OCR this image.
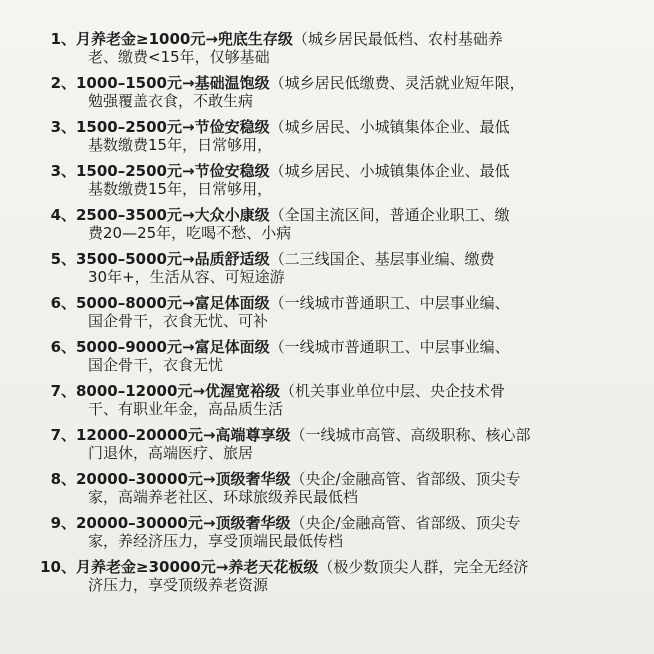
1、 月养老金≥1000元→兜底生存级（城乡居民最低档、农村基础养
老、缴费<15年，仅够基础
2、 1000–1500元→基础温饱级（城乡居民低缴费、灵活就业短年限，
勉强覆盖衣食，不敢生病
3、 1500–2500元→节俭安稳级（城乡居民、小城镇集体企业、最低
基数缴费15年，日常够用，
3、 1500–2500元→节俭安稳级（城乡居民、小城镇集体企业、最低
基数缴费15年，日常够用，
4、 2500–3500元→大众小康级（全国主流区间，普通企业职工、缴
费20—25年，吃喝不愁、小病
5、 3500–5000元→品质舒适级（二三线国企、基层事业编、缴费
30年+，生活从容、可短途游
6、 5000–8000元→富足体面级（一线城市普通职工、中层事业编、
国企骨干，衣食无忧、可补
6、 5000–9000元→富足体面级（一线城市普通职工、中层事业编、
国企骨干，衣食无忧
7、 8000–12000元→优渥宽裕级（机关事业单位中层、央企技术骨
干、有职业年金，高品质生活
7、 12000–20000元→高端尊享级（一线城市高管、高级职称、核心部
门退休，高端医疗、旅居
8、 20000–30000元→顶级奢华级（央企/金融高管、省部级、顶尖专
家，高端养老社区、环球旅级养民最低档
9、 20000–30000元→顶级奢华级（央企/金融高管、省部级、顶尖专
家，养经济压力，享受顶端民最低传档
10、 月养老金≥30000元→养老天花板级（极少数顶尖人群，完全无经济
济压力，享受顶级养老资源
